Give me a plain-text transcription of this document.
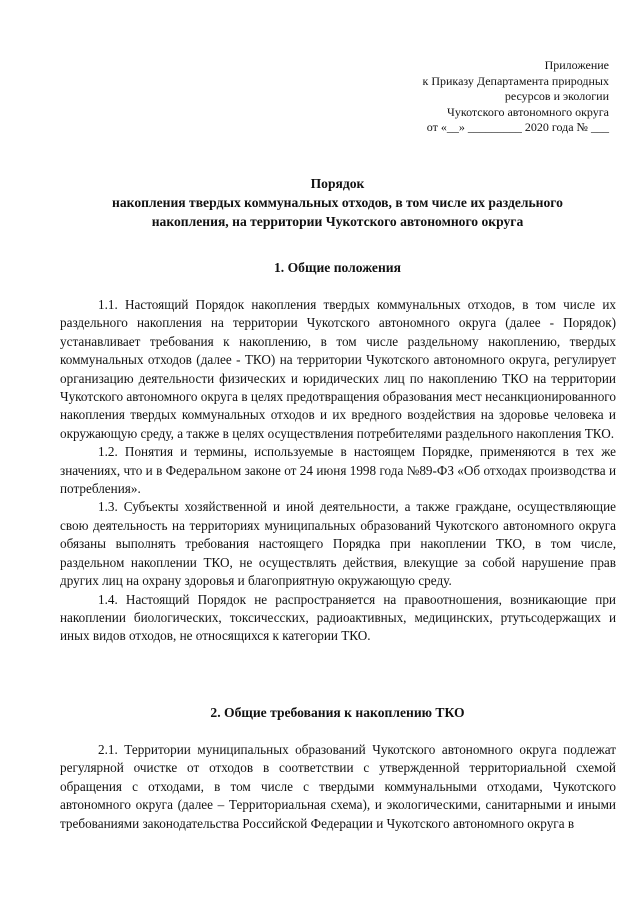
Приложение
к Приказу Департамента природных
ресурсов и экологии
Чукотского автономного округа
от «__» _________ 2020 года № ___
Порядок
накопления твердых коммунальных отходов, в том числе их раздельного
накопления, на территории Чукотского автономного округа
1. Общие положения

1.1. Настоящий Порядок накопления твердых коммунальных отходов, в том числе их раздельного накопления на территории Чукотского автономного округа (далее - Порядок) устанавливает требования к накоплению, в том числе раздельному накоплению, твердых коммунальных отходов (далее - ТКО) на территории Чукотского автономного округа, регулирует организацию деятельности физических и юридических лиц по накоплению ТКО на территории Чукотского автономного округа в целях предотвращения образования мест несанкционированного накопления твердых коммунальных отходов и их вредного воздействия на здоровье человека и окружающую среду, а также в целях осуществления потребителями раздельного накопления ТКО.

1.2. Понятия и термины, используемые в настоящем Порядке, применяются в тех же значениях, что и в Федеральном законе от 24 июня 1998 года №89-ФЗ «Об отходах производства и потребления».

1.3. Субъекты хозяйственной и иной деятельности, а также граждане, осуществляющие свою деятельность на территориях муниципальных образований Чукотского автономного округа обязаны выполнять требования настоящего Порядка при накоплении ТКО, в том числе, раздельном накоплении ТКО, не осуществлять действия, влекущие за собой нарушение прав других лиц на охрану здоровья и благоприятную окружающую среду.

1.4. Настоящий Порядок не распространяется на правоотношения, возникающие при накоплении биологических, токсичесских, радиоактивных, медицинских, ртутьсодержащих и иных видов отходов, не относящихся к категории ТКО.

2. Общие требования к накоплению ТКО

2.1. Территории муниципальных образований Чукотского автономного округа подлежат регулярной очистке от отходов в соответствии с утвержденной территориальной схемой обращения с отходами, в том числе с твердыми коммунальными отходами, Чукотского автономного округа (далее – Территориальная схема), и экологическими, санитарными и иными требованиями законодательства Российской Федерации и Чукотского автономного округа в
